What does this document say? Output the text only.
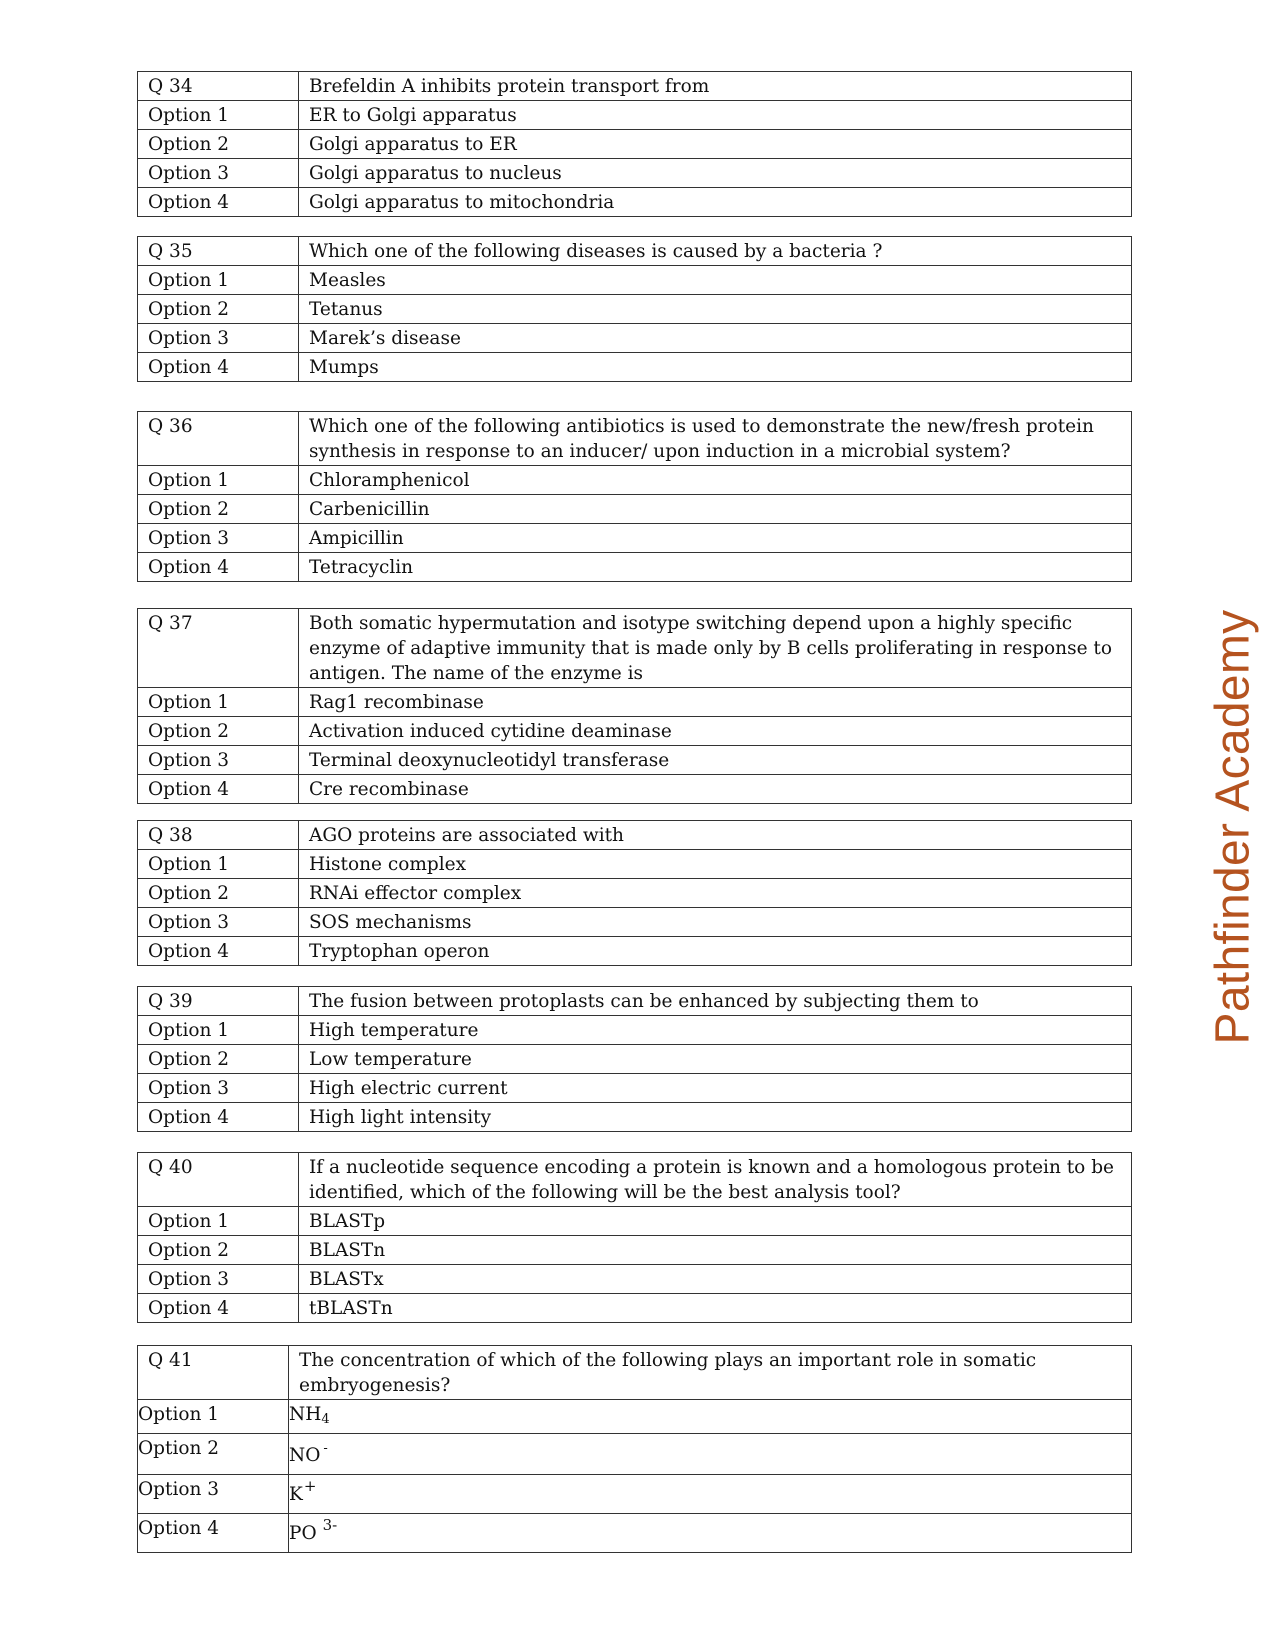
Q 34	Brefeldin A inhibits protein transport from
Option 1	ER to Golgi apparatus
Option 2	Golgi apparatus to ER
Option 3	Golgi apparatus to nucleus
Option 4	Golgi apparatus to mitochondria
Q 35	Which one of the following diseases is caused by a bacteria ?
Option 1	Measles
Option 2	Tetanus
Option 3	Marek’s disease
Option 4	Mumps
Q 36	Which one of the following antibiotics is used to demonstrate the new/fresh protein synthesis in response to an inducer/ upon induction in a microbial system?
Option 1	Chloramphenicol
Option 2	Carbenicillin
Option 3	Ampicillin
Option 4	Tetracyclin
Q 37	Both somatic hypermutation and isotype switching depend upon a highly specific enzyme of adaptive immunity that is made only by B cells proliferating in response to antigen. The name of the enzyme is
Option 1	Rag1 recombinase
Option 2	Activation induced cytidine deaminase
Option 3	Terminal deoxynucleotidyl transferase
Option 4	Cre recombinase
Q 38	AGO proteins are associated with
Option 1	Histone complex
Option 2	RNAi effector complex
Option 3	SOS mechanisms
Option 4	Tryptophan operon
Q 39	The fusion between protoplasts can be enhanced by subjecting them to
Option 1	High temperature
Option 2	Low temperature
Option 3	High electric current
Option 4	High light intensity
Q 40	If a nucleotide sequence encoding a protein is known and a homologous protein to be identified, which of the following will be the best analysis tool?
Option 1	BLASTp
Option 2	BLASTn
Option 3	BLASTx
Option 4	tBLASTn
Q 41	The concentration of which of the following plays an important role in somatic embryogenesis?
Option 1	$NH_4$
Option 2	NO -
Option 3	K+
Option 4	PO $^{3-}$
Pathfinder Academy
